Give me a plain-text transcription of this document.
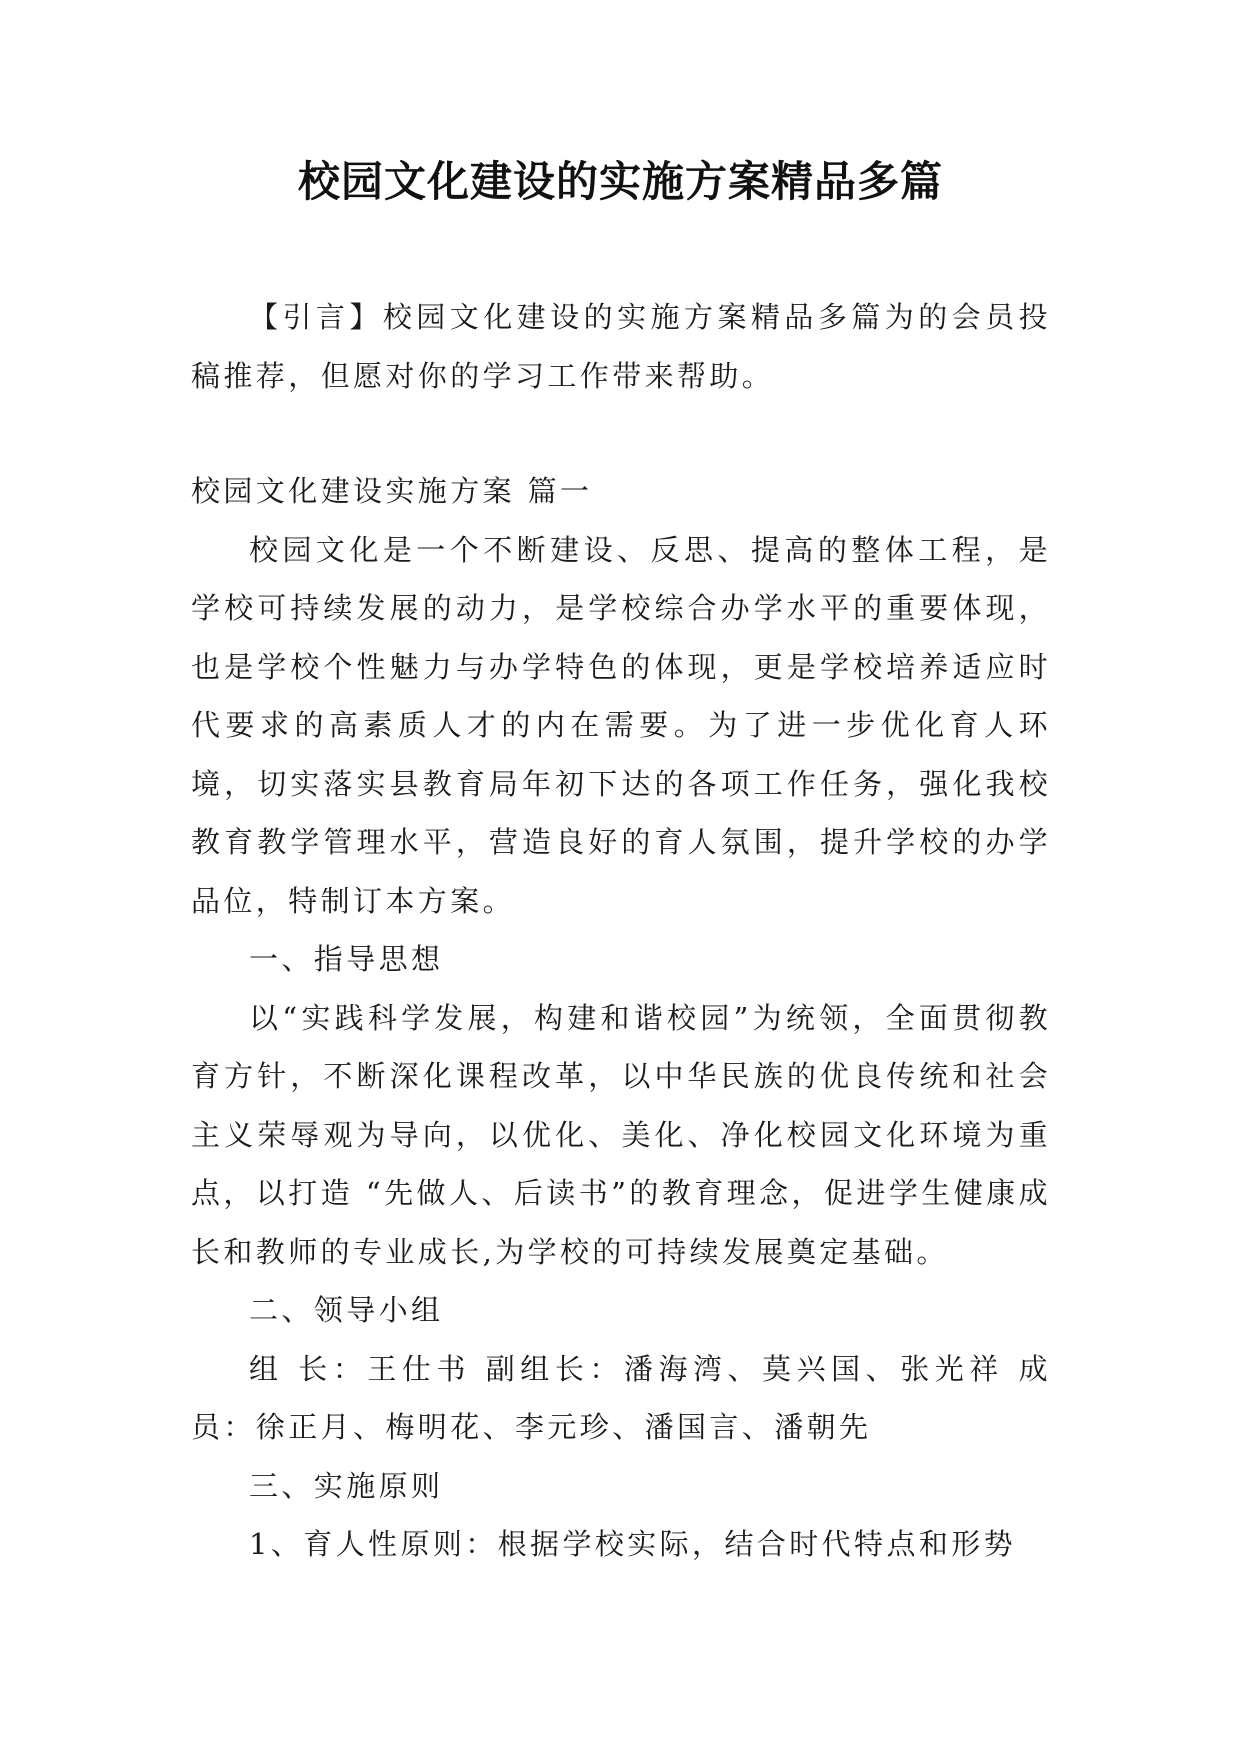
校园文化建设的实施方案精品多篇

【引言】校园文化建设的实施方案精品多篇为的会员投稿推荐，但愿对你的学习工作带来帮助。

校园文化建设实施方案 篇一

校园文化是一个不断建设、反思、提高的整体工程，是学校可持续发展的动力，是学校综合办学水平的重要体现，也是学校个性魅力与办学特色的体现，更是学校培养适应时代要求的高素质人才的内在需要。为了进一步优化育人环境，切实落实县教育局年初下达的各项工作任务，强化我校教育教学管理水平，营造良好的育人氛围，提升学校的办学品位，特制订本方案。

一、指导思想

以“实践科学发展，构建和谐校园”为统领，全面贯彻教育方针，不断深化课程改革，以中华民族的优良传统和社会主义荣辱观为导向，以优化、美化、净化校园文化环境为重点，以打造 “先做人、后读书”的教育理念，促进学生健康成长和教师的专业成长,为学校的可持续发展奠定基础。

二、领导小组

组 长：王仕书 副组长：潘海湾、莫兴国、张光祥 成员：徐正月、梅明花、李元珍、潘国言、潘朝先

三、实施原则

1、育人性原则：根据学校实际，结合时代特点和形势
